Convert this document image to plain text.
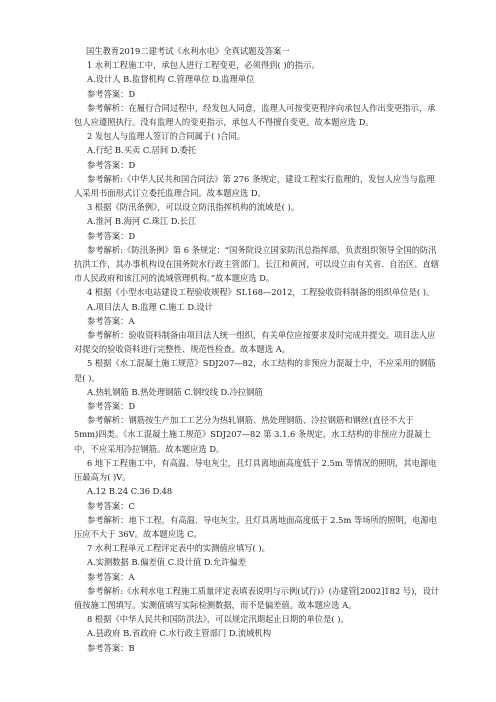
国生教育2019二建考试《水利水电》全真试题及答案一
1 水利工程施工中，承包人进行工程变更，必须得到( )的指示。
A.设计人 B.监督机构 C.管理单位 D.监理单位
参考答案：D
参考解析：在履行合同过程中，经发包人同意，监理人可按变更程序向承包人作出变更指示，承包人应遵照执行。没有监理人的变更指示，承包人不得擅自变更。故本题应选 D。
2 发包人与监理人签订的合同属于( )合同。
A.行纪 B.买卖 C.居间 D.委托
参考答案：D
参考解析:《中华人民共和国合同法》第 276 条规定，建设工程实行监理的，发包人应当与监理人采用书面形式订立委托监理合同。故本题应选 D。
3 根据《防汛条例》，可以设立防汛指挥机构的流域是( )。
A.淮河 B.海河 C.珠江 D.长江
参考答案：D
参考解析:《防汛条例》第 6 条规定：“国务院设立国家防汛总指挥部，负责组织领导全国的防汛抗洪工作，其办事机构设在国务院水行政主管部门。长江和黄河，可以设立由有关省、自治区、直辖市人民政府和该江河的流域管理机构。”故本题应选 D。
4 根据《小型水电站建设工程验收规程》SL168—2012，工程验收资料制备的组织单位是( )。
A.项目法人 B.监理 C.施工 D.设计
参考答案：A
参考解析：验收资料制备由项目法人统一组织，有关单位应按要求及时完成并提交。项目法人应对提交的验收资料进行完整性、规范性检查。故本题选 A。
5 根据《水工混凝土施工规范》SDJ207—82，水工结构的非预应力混凝土中，不应采用的钢筋是( )。
A.热轧钢筋 B.热处理钢筋 C.钢绞线 D.冷拉钢筋
参考答案：D
参考解析：钢筋按生产加工工艺分为热轧钢筋、热处理钢筋、冷拉钢筋和钢丝(直径不大于 5mm)四类。《水工混凝土施工规范》SDJ207—82 第 3.1.6 条规定，水工结构的非预应力混凝土中，不应采用冷拉钢筋。故本题应选 D。
6 地下工程施工中，有高温、导电灰尘，且灯具离地面高度低于 2.5m 等情况的照明，其电源电压最高为( )V。
A.12 B.24 C.36 D.48
参考答案：C
参考解析：地下工程，有高温、导电灰尘，且灯具离地面高度低于 2.5m 等场所的照明，电源电压应不大于 36V。故本题应选 C。
7 水利工程单元工程评定表中的实测值应填写( )。
A.实测数据 B.偏差值 C.设计值 D.允许偏差
参考答案：A
参考解析:《水利水电工程施工质量评定表填表说明与示例(试行)》(办建管[2002]182 号)，设计值按施工图填写。实测值填写实际检测数据，而不是偏差值。故本题应选 A。
8 根据《中华人民共和国防洪法》，可以规定汛期起止日期的单位是( )。
A.县政府 B.省政府 C.水行政主管部门 D.流域机构
参考答案：B
